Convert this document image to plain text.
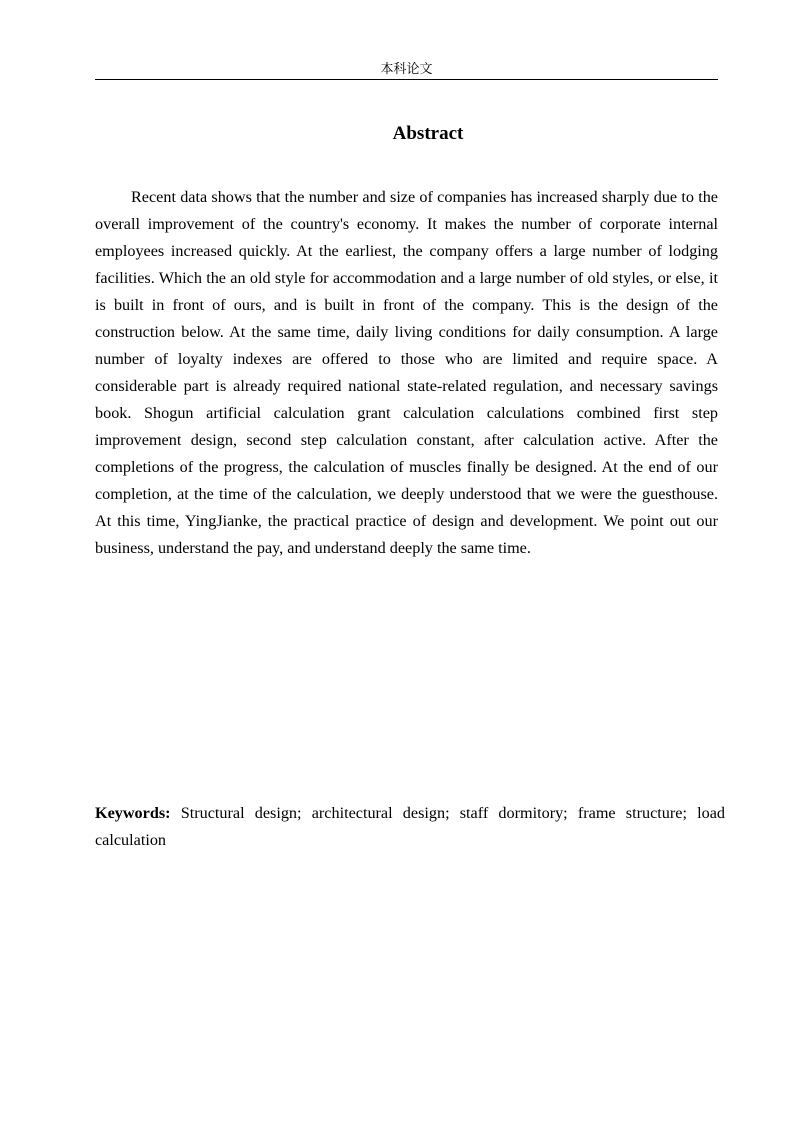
本科论文
Abstract

Recent data shows that the number and size of companies has increased sharply due to the overall improvement of the country's economy. It makes the number of corporate internal employees increased quickly. At the earliest, the company offers a large number of lodging facilities. Which the an old style for accommodation and a large number of old styles, or else, it is built in front of ours, and is built in front of the company. This is the design of the construction below. At the same time, daily living conditions for daily consumption. A large number of loyalty indexes are offered to those who are limited and require space. A considerable part is already required national state-related regulation, and necessary savings book. Shogun artificial calculation grant calculation calculations combined first step improvement design, second step calculation constant, after calculation active. After the completions of the progress, the calculation of muscles finally be designed. At the end of our completion, at the time of the calculation, we deeply understood that we were the guesthouse. At this time, YingJianke, the practical practice of design and development. We point out our business, understand the pay, and understand deeply the same time.

Keywords: Structural design; architectural design; staff dormitory; frame structure; load calculation
